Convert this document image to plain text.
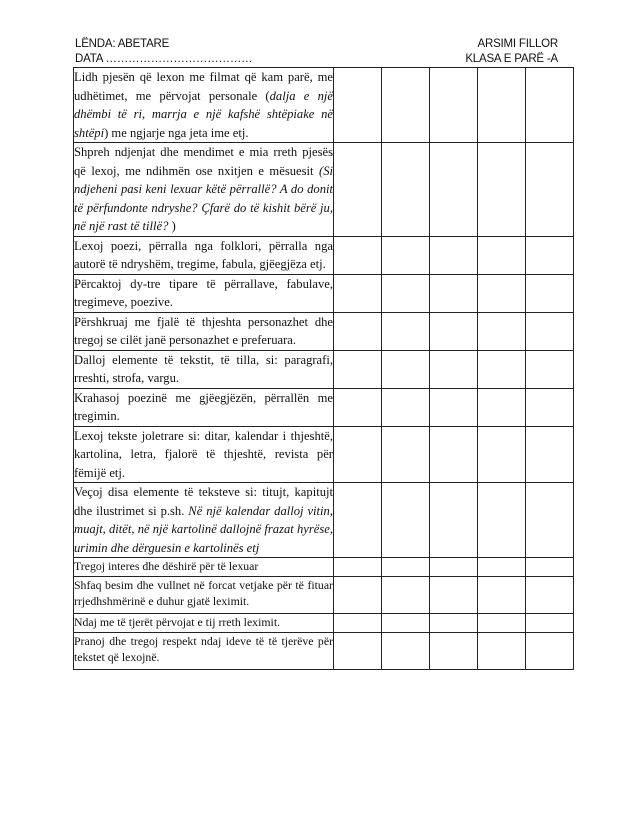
LËNDA: ABETARE
DATA …………………………………
ARSIMI FILLOR
KLASA E PARË -A
Lidh pjesën që lexon me filmat që kam parë, me udhëtimet, me përvojat personale (dalja e një dhëmbi të ri, marrja e një kafshë shtëpiake në shtëpi) me ngjarje nga jeta ime etj.					
Shpreh ndjenjat dhe mendimet e mia rreth pjesës që lexoj, me ndihmën ose nxitjen e mësuesit (Si ndjeheni pasi keni lexuar këtë përrallë? A do donit të përfundonte ndryshe? Çfarë do të kishit bërë ju, në një rast të tillë? )					
Lexoj poezi, përralla nga folklori, përralla nga autorë të ndryshëm, tregime, fabula, gjëegjëza etj.					
Përcaktoj dy-tre tipare të përrallave, fabulave, tregimeve, poezive.					
Përshkruaj me fjalë të thjeshta personazhet dhe tregoj se cilët janë personazhet e preferuara.					
Dalloj elemente të tekstit, të tilla, si: paragrafi, rreshti, strofa, vargu.					
Krahasoj poezinë me gjëegjëzën, përrallën me tregimin.					
Lexoj tekste joletrare si: ditar, kalendar i thjeshtë, kartolina, letra, fjalorë të thjeshtë, revista për fëmijë etj.					
Veçoj disa elemente të teksteve si: titujt, kapitujt dhe ilustrimet si p.sh. Në një kalendar dalloj vitin, muajt, ditët, në një kartolinë dallojnë frazat hyrëse, urimin dhe dërguesin e kartolinës etj					
Tregoj interes dhe dëshirë për të lexuar					
Shfaq besim dhe vullnet në forcat vetjake për të fituar rrjedhshmërinë e duhur gjatë leximit.					
Ndaj me të tjerët përvojat e tij rreth leximit.					
Pranoj dhe tregoj respekt ndaj ideve të të tjerëve për tekstet që lexojnë.					
